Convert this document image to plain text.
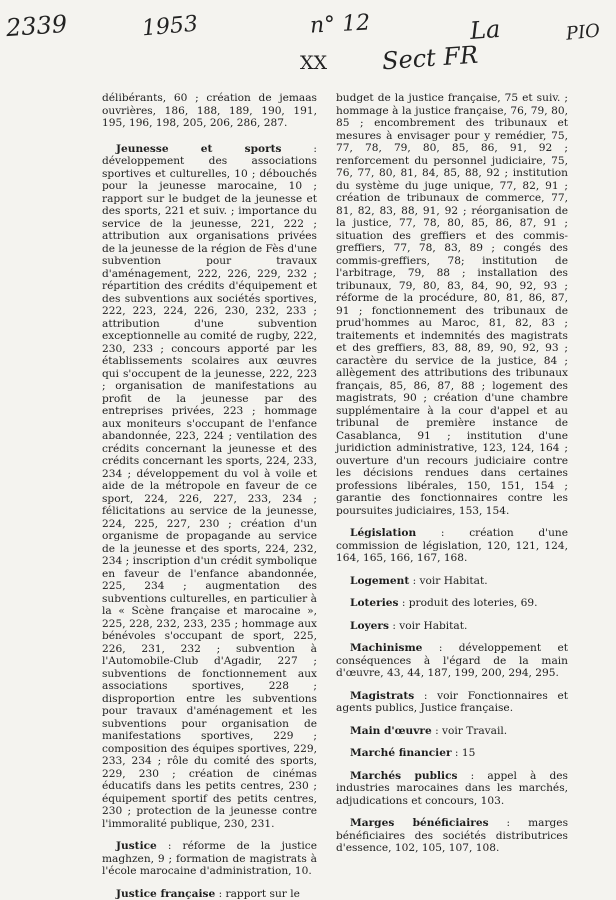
2339	1953	n° 12	La	PIO
XX Sect FR

délibérants, 60 ; création de jemaas ouvrières, 186, 188, 189, 190, 191, 195, 196, 198, 205, 206, 286, 287.

Jeunesse et sports : développement des associations sportives et culturelles, 10 ; débouchés pour la jeunesse marocaine, 10 ; rapport sur le budget de la jeunesse et des sports, 221 et suiv. ; importance du service de la jeunesse, 221, 222 ; attribution aux organisations privées de la jeunesse de la région de Fès d'une subvention pour travaux d'aménagement, 222, 226, 229, 232 ; répartition des crédits d'équipement et des subventions aux sociétés sportives, 222, 223, 224, 226, 230, 232, 233 ; attribution d'une subvention exceptionnelle au comité de rugby, 222, 230, 233 ; concours apporté par les établissements scolaires aux œuvres qui s'occupent de la jeunesse, 222, 223 ; organisation de manifestations au profit de la jeunesse par des entreprises privées, 223 ; hommage aux moniteurs s'occupant de l'enfance abandonnée, 223, 224 ; ventilation des crédits concernant la jeunesse et des crédits concernant les sports, 224, 233, 234 ; développement du vol à voile et aide de la métropole en faveur de ce sport, 224, 226, 227, 233, 234 ; félicitations au service de la jeunesse, 224, 225, 227, 230 ; création d'un organisme de propagande au service de la jeunesse et des sports, 224, 232, 234 ; inscription d'un crédit symbolique en faveur de l'enfance abandonnée, 225, 234 ; augmentation des subventions culturelles, en particulier à la « Scène française et marocaine », 225, 228, 232, 233, 235 ; hommage aux bénévoles s'occupant de sport, 225, 226, 231, 232 ; subvention à l'Automobile-Club d'Agadir, 227 ; subventions de fonctionnement aux associations sportives, 228 ; disproportion entre les subventions pour travaux d'aménagement et les subventions pour organisation de manifestations sportives, 229 ; composition des équipes sportives, 229, 233, 234 ; rôle du comité des sports, 229, 230 ; création de cinémas éducatifs dans les petits centres, 230 ; équipement sportif des petits centres, 230 ; protection de la jeunesse contre l'immoralité publique, 230, 231.

Justice : réforme de la justice maghzen, 9 ; formation de magistrats à l'école marocaine d'administration, 10.

Justice française : rapport sur le

budget de la justice française, 75 et suiv. ; hommage à la justice française, 76, 79, 80, 85 ; encombrement des tribunaux et mesures à envisager pour y remédier, 75, 77, 78, 79, 80, 85, 86, 91, 92 ; renforcement du personnel judiciaire, 75, 76, 77, 80, 81, 84, 85, 88, 92 ; institution du système du juge unique, 77, 82, 91 ; création de tribunaux de commerce, 77, 81, 82, 83, 88, 91, 92 ; réorganisation de la justice, 77, 78, 80, 85, 86, 87, 91 ; situation des greffiers et des commis-greffiers, 77, 78, 83, 89 ; congés des commis-greffiers, 78; institution de l'arbitrage, 79, 88 ; installation des tribunaux, 79, 80, 83, 84, 90, 92, 93 ; réforme de la procédure, 80, 81, 86, 87, 91 ; fonctionnement des tribunaux de prud'hommes au Maroc, 81, 82, 83 ; traitements et indemnités des magistrats et des greffiers, 83, 88, 89, 90, 92, 93 ; caractère du service de la justice, 84 ; allègement des attributions des tribunaux français, 85, 86, 87, 88 ; logement des magistrats, 90 ; création d'une chambre supplémentaire à la cour d'appel et au tribunal de première instance de Casablanca, 91 ; institution d'une juridiction administrative, 123, 124, 164 ; ouverture d'un recours judiciaire contre les décisions rendues dans certaines professions libérales, 150, 151, 154 ; garantie des fonctionnaires contre les poursuites judiciaires, 153, 154.

Législation : création d'une commission de législation, 120, 121, 124, 164, 165, 166, 167, 168.

Logement : voir Habitat.

Loteries : produit des loteries, 69.

Loyers : voir Habitat.

Machinisme : développement et conséquences à l'égard de la main d'œuvre, 43, 44, 187, 199, 200, 294, 295.

Magistrats : voir Fonctionnaires et agents publics, Justice française.

Main d'œuvre : voir Travail.

Marché financier : 15

Marchés publics : appel à des industries marocaines dans les marchés, adjudications et concours, 103.

Marges bénéficiaires : marges bénéficiaires des sociétés distributrices d'essence, 102, 105, 107, 108.
